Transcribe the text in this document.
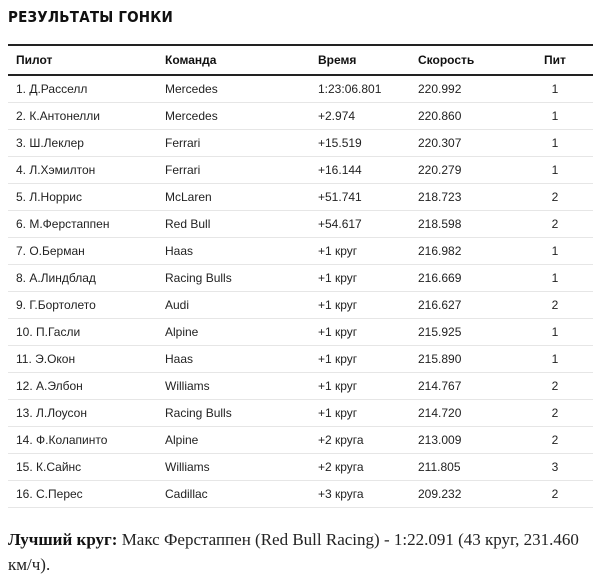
РЕЗУЛЬТАТЫ ГОНКИ
Пилот	Команда	Время	Скорость	Пит
1. Д.Расселл	Mercedes	1:23:06.801	220.992	1
2. К.Антонелли	Mercedes	+2.974	220.860	1
3. Ш.Леклер	Ferrari	+15.519	220.307	1
4. Л.Хэмилтон	Ferrari	+16.144	220.279	1
5. Л.Норрис	McLaren	+51.741	218.723	2
6. М.Ферстаппен	Red Bull	+54.617	218.598	2
7. О.Берман	Haas	+1 круг	216.982	1
8. А.Линдблад	Racing Bulls	+1 круг	216.669	1
9. Г.Бортолето	Audi	+1 круг	216.627	2
10. П.Гасли	Alpine	+1 круг	215.925	1
11. Э.Окон	Haas	+1 круг	215.890	1
12. А.Элбон	Williams	+1 круг	214.767	2
13. Л.Лоусон	Racing Bulls	+1 круг	214.720	2
14. Ф.Колапинто	Alpine	+2 круга	213.009	2
15. К.Сайнс	Williams	+2 круга	211.805	3
16. С.Перес	Cadillac	+3 круга	209.232	2

Лучший круг: Макс Ферстаппен (Red Bull Racing) - 1:22.091 (43 круг, 231.460 км/ч).
